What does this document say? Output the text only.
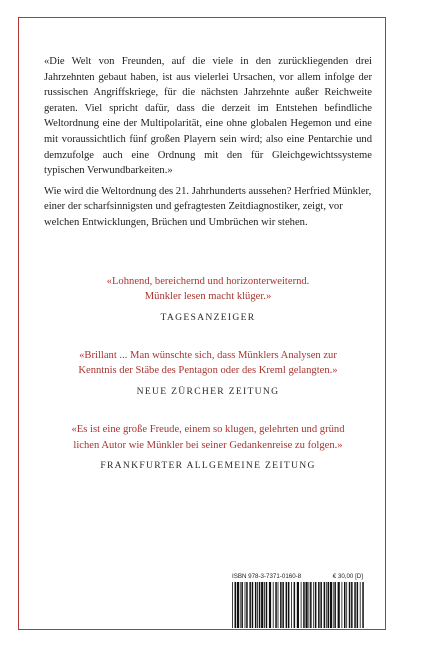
«Die Welt von Freunden, auf die viele in den zurückliegenden drei Jahrzehnten gebaut haben, ist aus vielerlei Ursachen, vor allem infolge der russischen Angriffskriege, für die nächsten Jahrzehnte außer Reichweite geraten. Viel spricht dafür, dass die derzeit im Entstehen befindliche Weltordnung eine der Multipolarität, eine ohne globalen Hegemon und eine mit voraussichtlich fünf großen Playern sein wird; also eine Pentarchie und demzufolge auch eine Ordnung mit den für Gleichgewichtssysteme typischen Verwundbarkeiten.»

Wie wird die Weltordnung des 21. Jahrhunderts aussehen? Herfried Münkler, einer der scharfsinnigsten und gefragtesten Zeitdiagnostiker, zeigt, vor welchen Entwicklungen, Brüchen und Umbrüchen wir stehen.

«Lohnend, bereichernd und horizonterweiternd.
Münkler lesen macht klüger.»

TAGESANZEIGER

«Brillant ... Man wünschte sich, dass Münklers Analysen zur
Kenntnis der Stäbe des Pentagon oder des Kreml gelangten.»

NEUE ZÜRCHER ZEITUNG

«Es ist eine große Freude, einem so klugen, gelehrten und gründ
lichen Autor wie Münkler bei seiner Gedankenreise zu folgen.»

FRANKFURTER ALLGEMEINE ZEITUNG

ISBN 978-3-7371-0160-8	€ 30,00 [D]
